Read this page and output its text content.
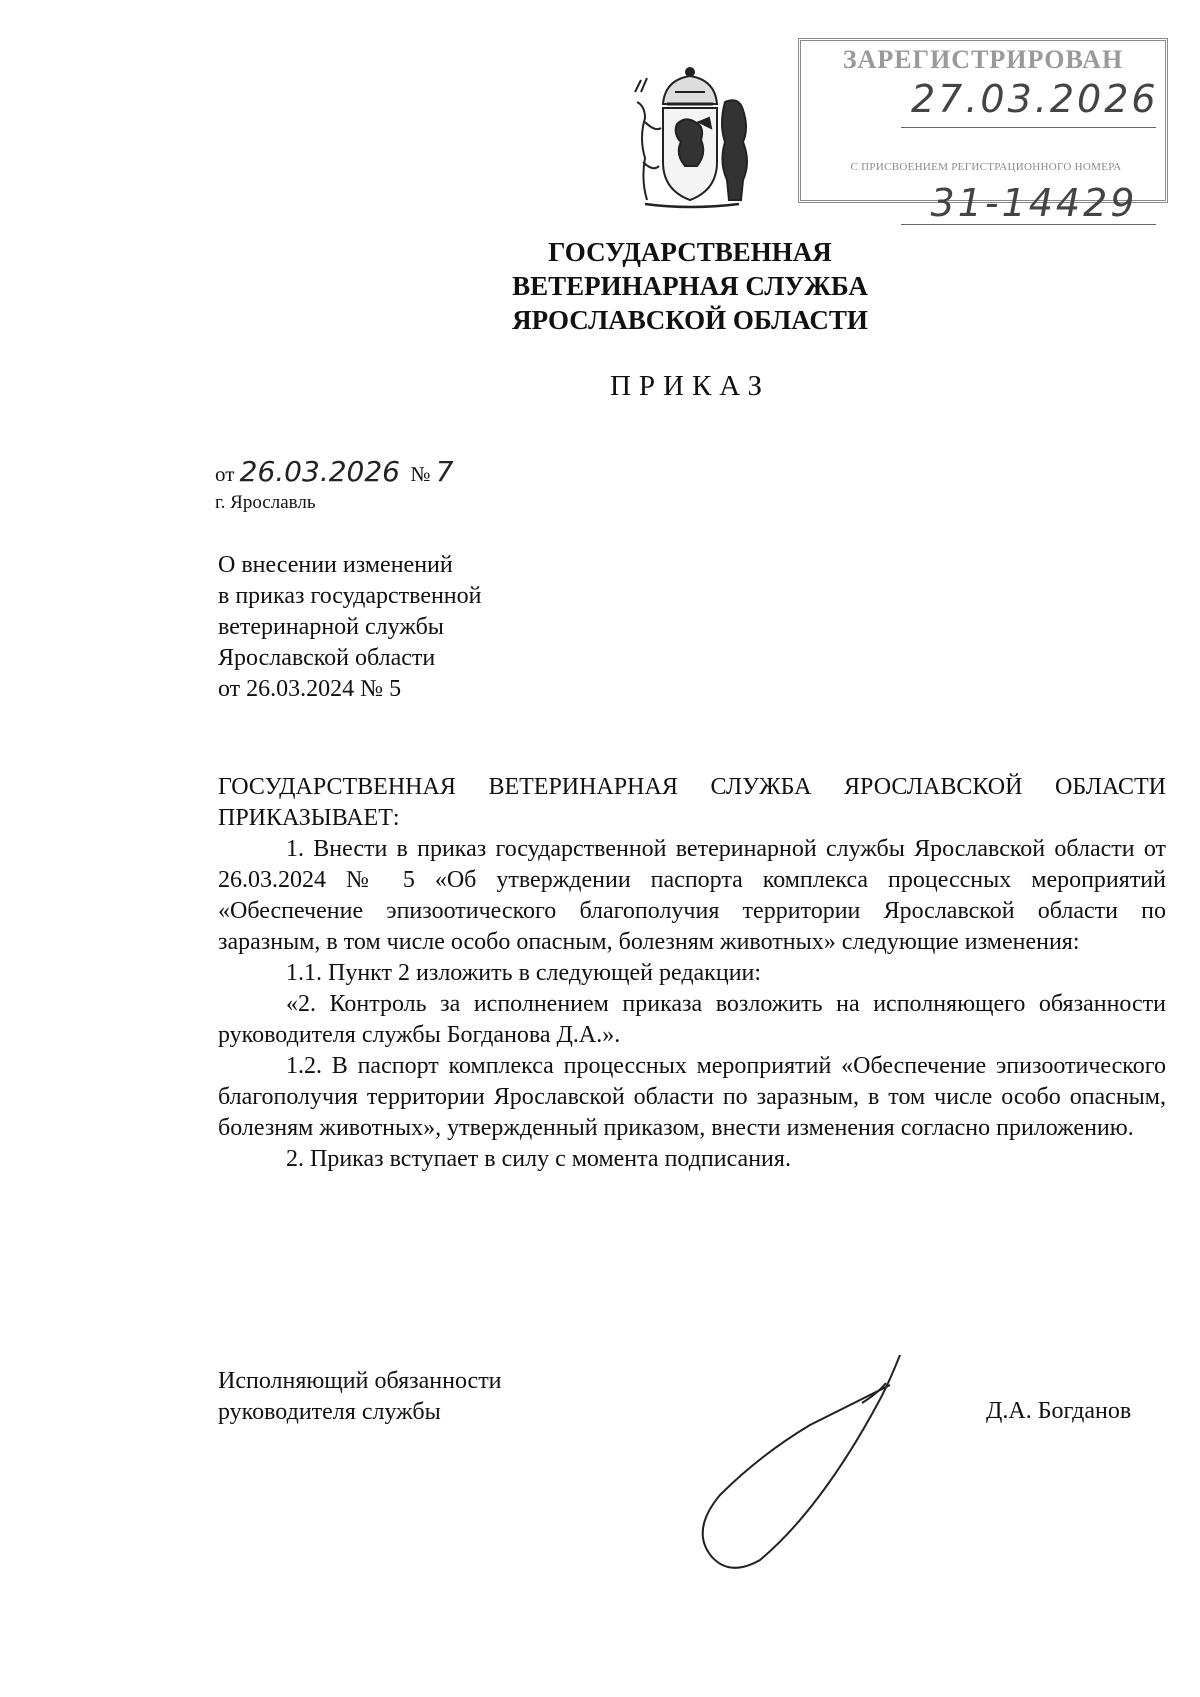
ЗАРЕГИСТРИРОВАН
27.03.2026
С ПРИСВОЕНИЕМ РЕГИСТРАЦИОННОГО НОМЕРА
31-14429
ГОСУДАРСТВЕННАЯ
ВЕТЕРИНАРНАЯ СЛУЖБА
ЯРОСЛАВСКОЙ ОБЛАСТИ
ПРИКАЗ
от 26.03.2026 № 7
г. Ярославль
О внесении изменений
в приказ государственной
ветеринарной службы
Ярославской области
от 26.03.2024 № 5

ГОСУДАРСТВЕННАЯ ВЕТЕРИНАРНАЯ СЛУЖБА ЯРОСЛАВСКОЙ ОБЛАСТИ ПРИКАЗЫВАЕТ:

1. Внести в приказ государственной ветеринарной службы Ярославской области от 26.03.2024 № 5 «Об утверждении паспорта комплекса процессных мероприятий «Обеспечение эпизоотического благополучия территории Ярославской области по заразным, в том числе особо опасным, болезням животных» следующие изменения:

1.1. Пункт 2 изложить в следующей редакции:

«2. Контроль за исполнением приказа возложить на исполняющего обязанности руководителя службы Богданова Д.А.».

1.2. В паспорт комплекса процессных мероприятий «Обеспечение эпизоотического благополучия территории Ярославской области по заразным, в том числе особо опасным, болезням животных», утвержденный приказом, внести изменения согласно приложению.

2. Приказ вступает в силу с момента подписания.

Исполняющий обязанности
руководителя службы	Д.А. Богданов
